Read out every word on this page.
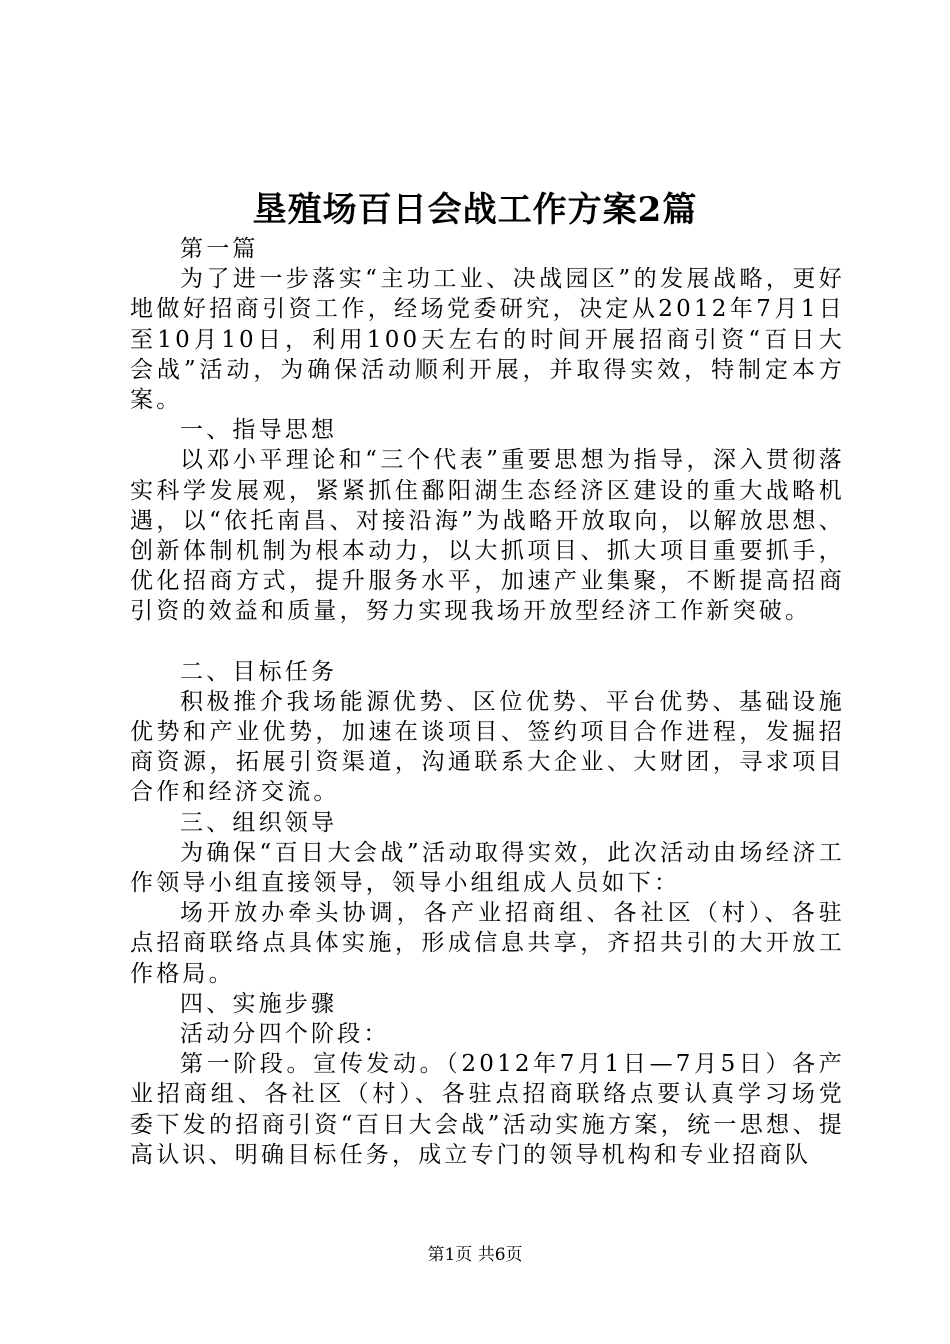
垦殖场百日会战工作方案2篇

第一篇

为了进一步落实“主功工业、决战园区”的发展战略，更好地做好招商引资工作，经场党委研究，决定从2012年7月1日至10月10日，利用100天左右的时间开展招商引资“百日大会战”活动，为确保活动顺利开展，并取得实效，特制定本方案。

一、指导思想

以邓小平理论和“三个代表”重要思想为指导，深入贯彻落实科学发展观，紧紧抓住鄱阳湖生态经济区建设的重大战略机遇，以“依托南昌、对接沿海”为战略开放取向，以解放思想、创新体制机制为根本动力，以大抓项目、抓大项目重要抓手，优化招商方式，提升服务水平，加速产业集聚，不断提高招商引资的效益和质量，努力实现我场开放型经济工作新突破。

二、目标任务

积极推介我场能源优势、区位优势、平台优势、基础设施优势和产业优势，加速在谈项目、签约项目合作进程，发掘招商资源，拓展引资渠道，沟通联系大企业、大财团，寻求项目合作和经济交流。

三、组织领导

为确保“百日大会战”活动取得实效，此次活动由场经济工作领导小组直接领导，领导小组组成人员如下：

场开放办牵头协调，各产业招商组、各社区（村）、各驻点招商联络点具体实施，形成信息共享，齐招共引的大开放工作格局。

四、实施步骤

活动分四个阶段：

第一阶段。宣传发动。（2012年7月1日—7月5日）各产业招商组、各社区（村）、各驻点招商联络点要认真学习场党委下发的招商引资“百日大会战”活动实施方案，统一思想、提高认识、明确目标任务，成立专门的领导机构和专业招商队

第1页 共6页
